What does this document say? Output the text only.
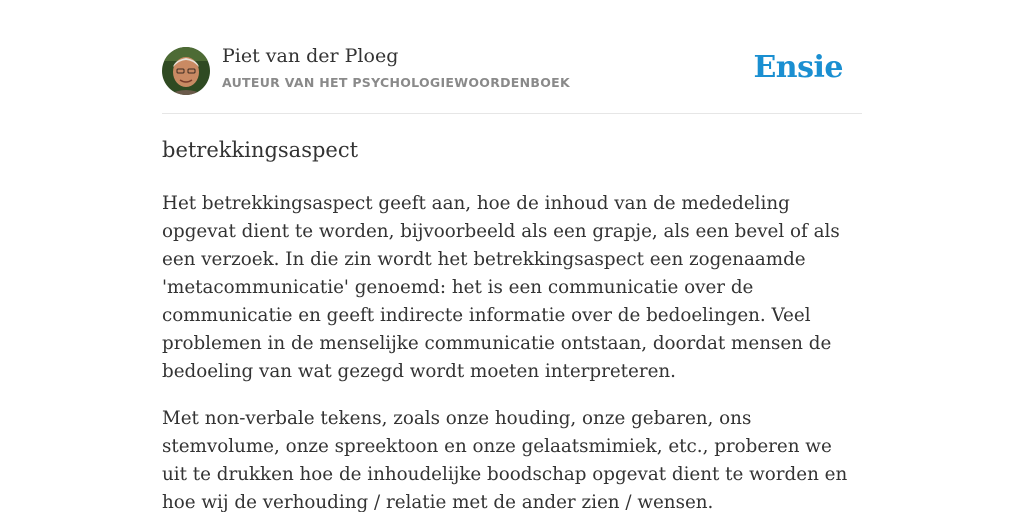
Piet van der Ploeg
AUTEUR VAN HET PSYCHOLOGIEWOORDENBOEK	Ensie
betrekkingsaspect

Het betrekkingsaspect geeft aan, hoe de inhoud van de mededeling opgevat dient te worden, bijvoorbeeld als een grapje, als een bevel of als een verzoek. In die zin wordt het betrekkingsaspect een zogenaamde 'metacommunicatie' genoemd: het is een communicatie over de communicatie en geeft indirecte informatie over de bedoelingen. Veel problemen in de menselijke communicatie ontstaan, doordat mensen de bedoeling van wat gezegd wordt moeten interpreteren.

Met non-verbale tekens, zoals onze houding, onze gebaren, ons stemvolume, onze spreektoon en onze gelaatsmimiek, etc., proberen we uit te drukken hoe de inhoudelijke boodschap opgevat dient te worden en hoe wij de verhouding / relatie met de ander zien / wensen.
